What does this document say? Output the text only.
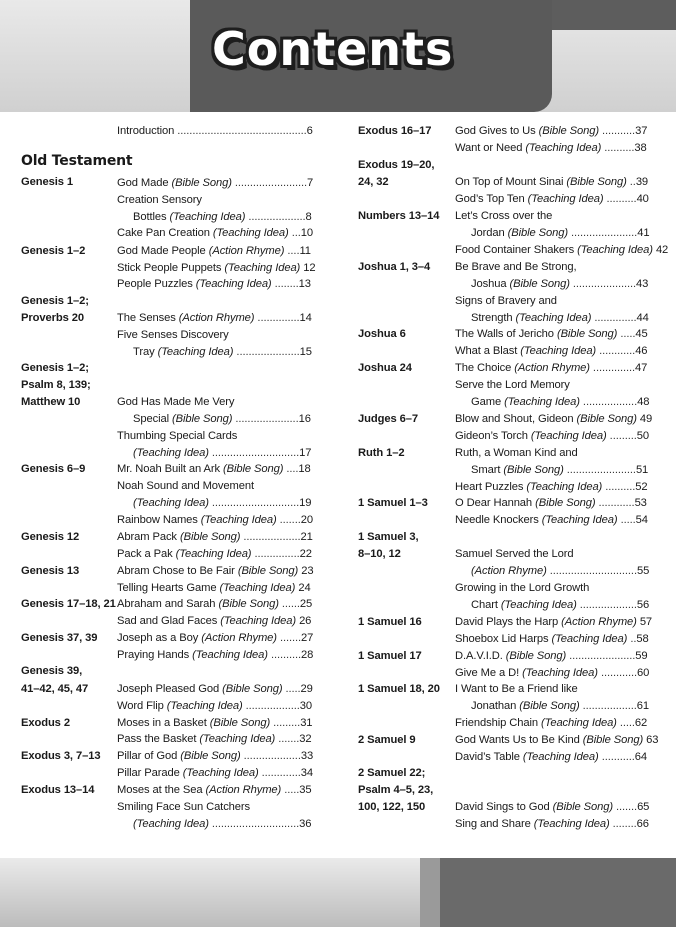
Contents
Old Testament
Introduction ...........................................6
Genesis 1
Genesis 1–2
Genesis 1–2;
Proverbs 20
Genesis 1–2;
Psalm 8, 139;
Matthew 10
Genesis 6–9
Genesis 12
Genesis 13
Genesis 17–18, 21
Genesis 37, 39
Genesis 39,
41–42, 45, 47
Exodus 2
Exodus 3, 7–13
Exodus 13–14
God Made (Bible Song) ........................7
Creation Sensory
Bottles (Teaching Idea) ...................8
Cake Pan Creation (Teaching Idea) ...10
God Made People (Action Rhyme) ....11
Stick People Puppets (Teaching Idea) 12
People Puzzles (Teaching Idea) ........13
The Senses (Action Rhyme) ..............14
Five Senses Discovery
Tray (Teaching Idea) .....................15
God Has Made Me Very
Special (Bible Song) .....................16
Thumbing Special Cards
(Teaching Idea) .............................17
Mr. Noah Built an Ark (Bible Song) ....18
Noah Sound and Movement
(Teaching Idea) .............................19
Rainbow Names (Teaching Idea) .......20
Abram Pack (Bible Song) ...................21
Pack a Pak (Teaching Idea) ...............22
Abram Chose to Be Fair (Bible Song) 23
Telling Hearts Game (Teaching Idea) 24
Abraham and Sarah (Bible Song) ......25
Sad and Glad Faces (Teaching Idea) 26
Joseph as a Boy (Action Rhyme) .......27
Praying Hands (Teaching Idea) ..........28
Joseph Pleased God (Bible Song) .....29
Word Flip (Teaching Idea) ..................30
Moses in a Basket (Bible Song) .........31
Pass the Basket (Teaching Idea) .......32
Pillar of God (Bible Song) ...................33
Pillar Parade (Teaching Idea) .............34
Moses at the Sea (Action Rhyme) .....35
Smiling Face Sun Catchers
(Teaching Idea) .............................36
Exodus 16–17
Exodus 19–20,
24, 32
Numbers 13–14
Joshua 1, 3–4
Joshua 6
Joshua 24
Judges 6–7
Ruth 1–2
1 Samuel 1–3
1 Samuel 3,
8–10, 12
1 Samuel 16
1 Samuel 17
1 Samuel 18, 20
2 Samuel 9
2 Samuel 22;
Psalm 4–5, 23,
100, 122, 150
God Gives to Us (Bible Song) ...........37
Want or Need (Teaching Idea) ..........38
On Top of Mount Sinai (Bible Song) ..39
God’s Top Ten (Teaching Idea) ..........40
Let’s Cross over the
Jordan (Bible Song) ......................41
Food Container Shakers (Teaching Idea) 42
Be Brave and Be Strong,
Joshua (Bible Song) .....................43
Signs of Bravery and
Strength (Teaching Idea) ..............44
The Walls of Jericho (Bible Song) .....45
What a Blast (Teaching Idea) ............46
The Choice (Action Rhyme) ..............47
Serve the Lord Memory
Game (Teaching Idea) ..................48
Blow and Shout, Gideon (Bible Song) 49
Gideon’s Torch (Teaching Idea) .........50
Ruth, a Woman Kind and
Smart (Bible Song) .......................51
Heart Puzzles (Teaching Idea) ..........52
O Dear Hannah (Bible Song) ............53
Needle Knockers (Teaching Idea) .....54
Samuel Served the Lord
(Action Rhyme) .............................55
Growing in the Lord Growth
Chart (Teaching Idea) ...................56
David Plays the Harp (Action Rhyme) 57
Shoebox Lid Harps (Teaching Idea) ..58
D.A.V.I.D. (Bible Song) ......................59
Give Me a D! (Teaching Idea) ............60
I Want to Be a Friend like
Jonathan (Bible Song) ..................61
Friendship Chain (Teaching Idea) .....62
God Wants Us to Be Kind (Bible Song) 63
David’s Table (Teaching Idea) ...........64
David Sings to God (Bible Song) .......65
Sing and Share (Teaching Idea) ........66
